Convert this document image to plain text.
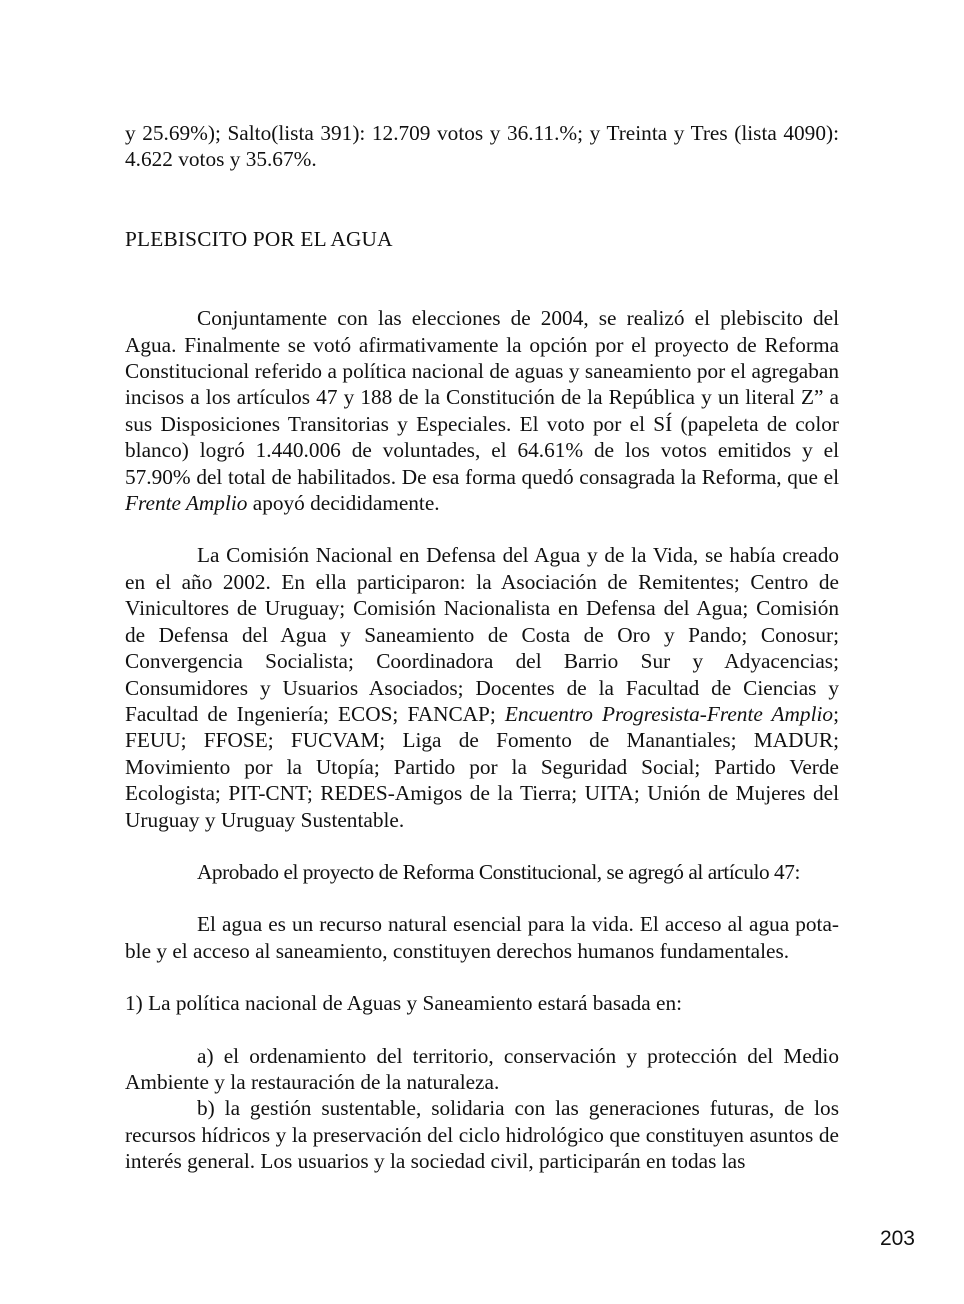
y 25.69%); Salto(lista 391): 12.709 votos y 36.11.%; y Treinta y Tres (lista 4090): 4.622 votos y 35.67%.

PLEBISCITO POR EL AGUA

Conjuntamente con las elecciones de 2004, se realizó el plebiscito del Agua. Finalmente se votó afirmativamente la opción por el proyecto de Reforma Constitucional referido a política nacional de aguas y saneamiento por el agregaban incisos a los artículos 47 y 188 de la Constitución de la República y un literal Z” a sus Disposiciones Transitorias y Especiales. El voto por el SÍ (papeleta de color blanco) logró 1.440.006 de voluntades, el 64.61% de los votos emitidos y el 57.90% del total de habilitados. De esa forma quedó consagrada la Reforma, que el Frente Amplio apoyó decididamente.

La Comisión Nacional en Defensa del Agua y de la Vida, se había creado en el año 2002. En ella participaron: la Asociación de Remitentes; Centro de Vinicultores de Uruguay; Comisión Nacionalista en Defensa del Agua; Comisión de Defensa del Agua y Saneamiento de Costa de Oro y Pando; Conosur; Convergencia Socialista; Coordinadora del Barrio Sur y Adyacencias; Consumidores y Usuarios Asociados; Docentes de la Facultad de Ciencias y Facultad de Ingeniería; ECOS; FANCAP; Encuentro Progresista-Frente Amplio; FEUU; FFOSE; FUCVAM; Liga de Fomento de Manantiales; MADUR; Movimiento por la Utopía; Partido por la Seguridad Social; Partido Verde Ecologista; PIT-CNT; REDES-Amigos de la Tierra; UITA; Unión de Mujeres del Uruguay y Uruguay Sustentable.

Aprobado el proyecto de Reforma Constitucional, se agregó al artículo 47:

El agua es un recurso natural esencial para la vida. El acceso al agua potable y el acceso al saneamiento, constituyen derechos humanos fundamentales.

1) La política nacional de Aguas y Saneamiento estará basada en:

a) el ordenamiento del territorio, conservación y protección del Medio Ambiente y la restauración de la naturaleza.

b) la gestión sustentable, solidaria con las generaciones futuras, de los recursos hídricos y la preservación del ciclo hidrológico que constituyen asuntos de interés general. Los usuarios y la sociedad civil, participarán en todas las

203
